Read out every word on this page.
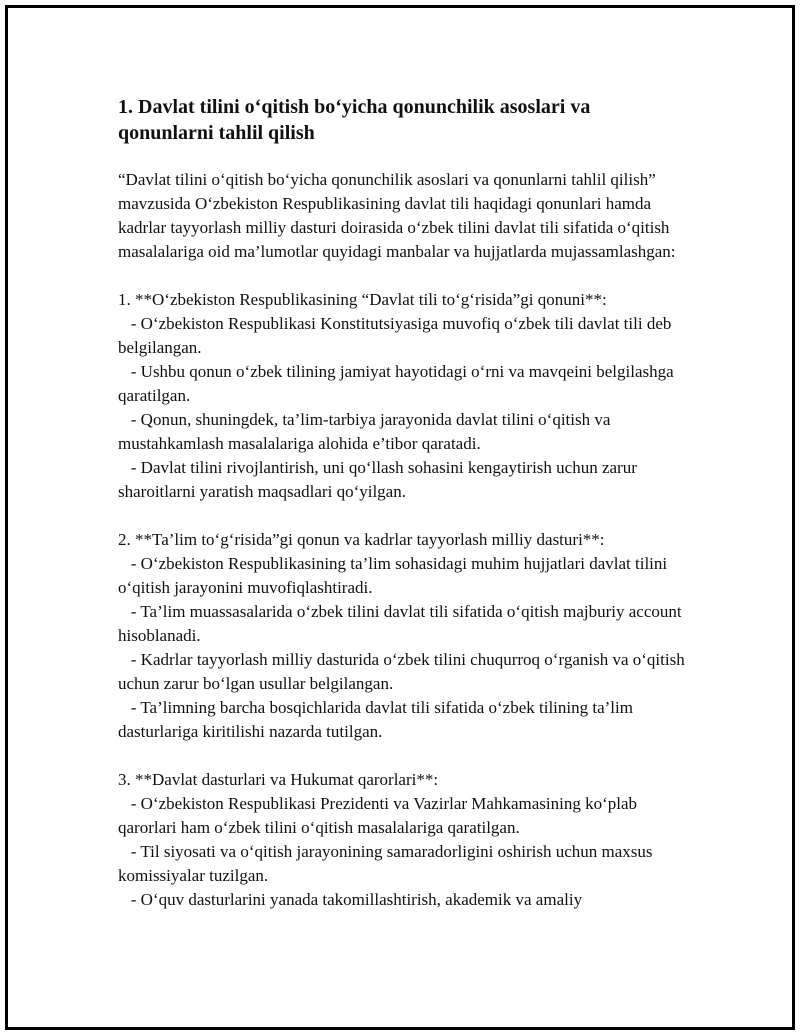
1. Davlat tilini o‘qitish bo‘yicha qonunchilik asoslari va qonunlarni tahlil qilish

“Davlat tilini o‘qitish bo‘yicha qonunchilik asoslari va qonunlarni tahlil qilish” mavzusida O‘zbekiston Respublikasining davlat tili haqidagi qonunlari hamda kadrlar tayyorlash milliy dasturi doirasida o‘zbek tilini davlat tili sifatida o‘qitish masalalariga oid ma’lumotlar quyidagi manbalar va hujjatlarda mujassamlashgan:

1. **O‘zbekiston Respublikasining “Davlat tili to‘g‘risida”gi qonuni**:

- O‘zbekiston Respublikasi Konstitutsiyasiga muvofiq o‘zbek tili davlat tili deb belgilangan.

- Ushbu qonun o‘zbek tilining jamiyat hayotidagi o‘rni va mavqeini belgilashga qaratilgan.

- Qonun, shuningdek, ta’lim-tarbiya jarayonida davlat tilini o‘qitish va mustahkamlash masalalariga alohida e’tibor qaratadi.

- Davlat tilini rivojlantirish, uni qo‘llash sohasini kengaytirish uchun zarur sharoitlarni yaratish maqsadlari qo‘yilgan.

2. **Ta’lim to‘g‘risida”gi qonun va kadrlar tayyorlash milliy dasturi**:

- O‘zbekiston Respublikasining ta’lim sohasidagi muhim hujjatlari davlat tilini o‘qitish jarayonini muvofiqlashtiradi.

- Ta’lim muassasalarida o‘zbek tilini davlat tili sifatida o‘qitish majburiy account hisoblanadi.

- Kadrlar tayyorlash milliy dasturida o‘zbek tilini chuqurroq o‘rganish va o‘qitish uchun zarur bo‘lgan usullar belgilangan.

- Ta’limning barcha bosqichlarida davlat tili sifatida o‘zbek tilining ta’lim dasturlariga kiritilishi nazarda tutilgan.

3. **Davlat dasturlari va Hukumat qarorlari**:

- O‘zbekiston Respublikasi Prezidenti va Vazirlar Mahkamasining ko‘plab qarorlari ham o‘zbek tilini o‘qitish masalalariga qaratilgan.

- Til siyosati va o‘qitish jarayonining samaradorligini oshirish uchun maxsus komissiyalar tuzilgan.

- O‘quv dasturlarini yanada takomillashtirish, akademik va amaliy
